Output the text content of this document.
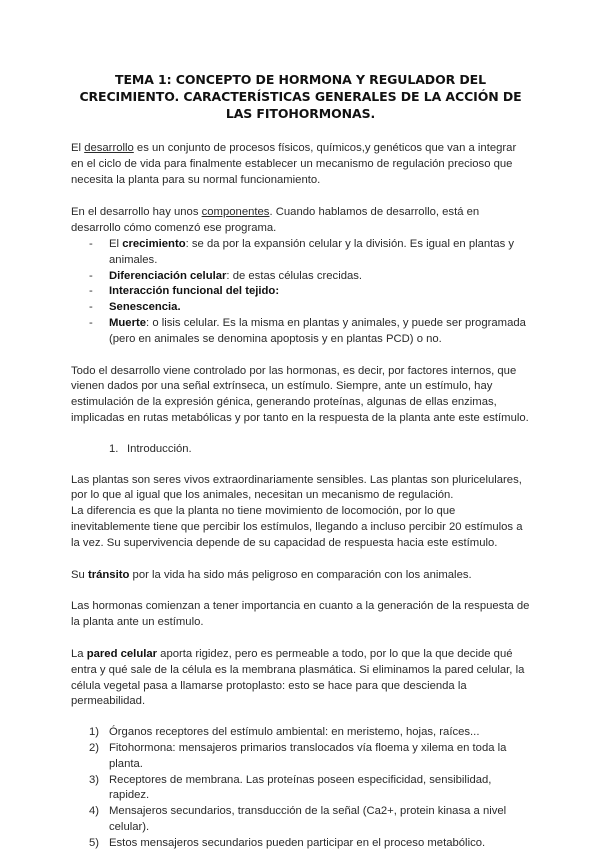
TEMA 1: CONCEPTO DE HORMONA Y REGULADOR DEL CRECIMIENTO. CARACTERÍSTICAS GENERALES DE LA ACCIÓN DE LAS FITOHORMONAS.

El desarrollo es un conjunto de procesos físicos, químicos,y genéticos que van a integrar en el ciclo de vida para finalmente establecer un mecanismo de regulación precioso que necesita la planta para su normal funcionamiento.

En el desarrollo hay unos componentes. Cuando hablamos de desarrollo, está en desarrollo cómo comenzó ese programa.

- El crecimiento: se da por la expansión celular y la división. Es igual en plantas y animales.
- Diferenciación celular: de estas células crecidas.
- Interacción funcional del tejido:
- Senescencia.
- Muerte: o lisis celular. Es la misma en plantas y animales, y puede ser programada (pero en animales se denomina apoptosis y en plantas PCD) o no.

Todo el desarrollo viene controlado por las hormonas, es decir, por factores internos, que vienen dados por una señal extrínseca, un estímulo. Siempre, ante un estímulo, hay estimulación de la expresión génica, generando proteínas, algunas de ellas enzimas, implicadas en rutas metabólicas y por tanto en la respuesta de la planta ante este estímulo.

1. Introducción.

Las plantas son seres vivos extraordinariamente sensibles. Las plantas son pluricelulares, por lo que al igual que los animales, necesitan un mecanismo de regulación.

La diferencia es que la planta no tiene movimiento de locomoción, por lo que inevitablemente tiene que percibir los estímulos, llegando a incluso percibir 20 estímulos a la vez. Su supervivencia depende de su capacidad de respuesta hacia este estímulo.

Su tránsito por la vida ha sido más peligroso en comparación con los animales.

Las hormonas comienzan a tener importancia en cuanto a la generación de la respuesta de la planta ante un estímulo.

La pared celular aporta rigidez, pero es permeable a todo, por lo que la que decide qué entra y qué sale de la célula es la membrana plasmática. Si eliminamos la pared celular, la célula vegetal pasa a llamarse protoplasto: esto se hace para que descienda la permeabilidad.

1) Órganos receptores del estímulo ambiental: en meristemo, hojas, raíces...
2) Fitohormona: mensajeros primarios translocados vía floema y xilema en toda la planta.
3) Receptores de membrana. Las proteínas poseen especificidad, sensibilidad, rapidez.
4) Mensajeros secundarios, transducción de la señal (Ca2+, protein kinasa a nivel celular).
5) Estos mensajeros secundarios pueden participar en el proceso metabólico.
